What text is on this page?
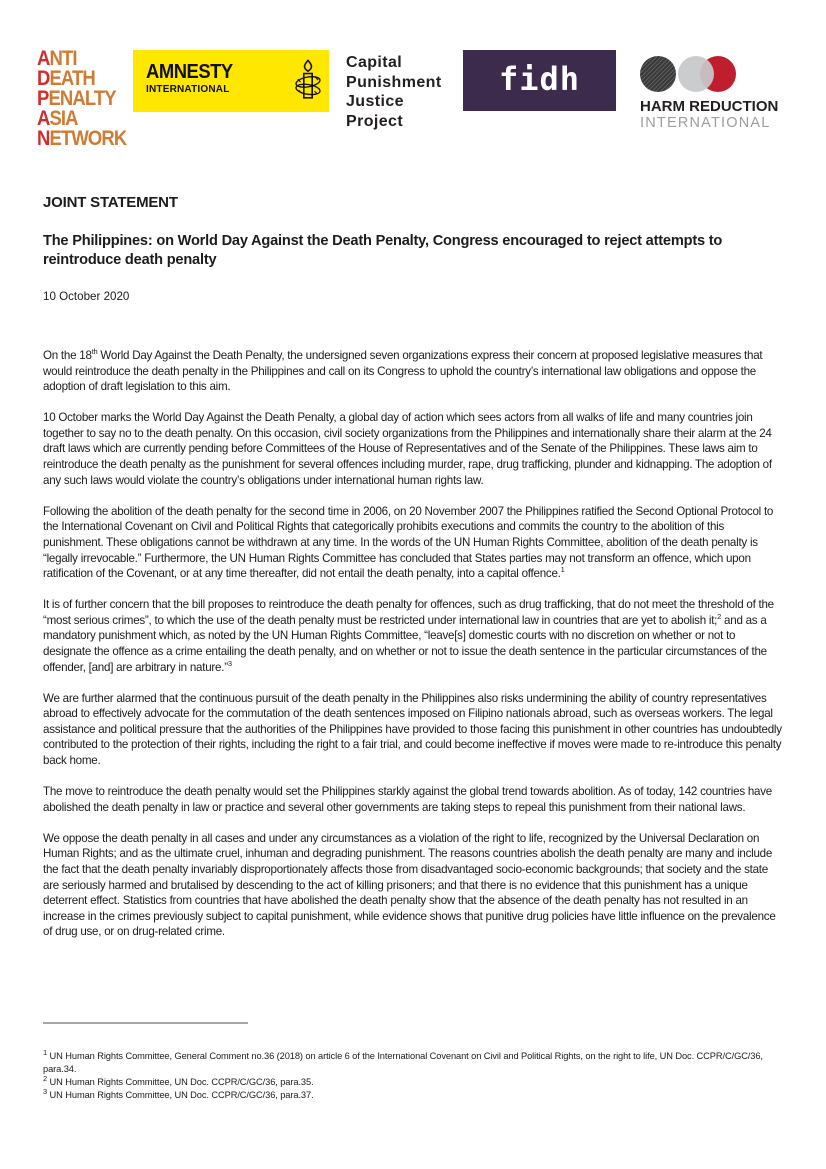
ANTI
DEATH
PENALTY
ASIA
NETWORK
AMNESTY
INTERNATIONAL
Capital
Punishment
Justice
Project
fidh
HARM REDUCTION
INTERNATIONAL

JOINT STATEMENT

The Philippines: on World Day Against the Death Penalty, Congress encouraged to reject attempts to reintroduce death penalty

10 October 2020

On the 18th World Day Against the Death Penalty, the undersigned seven organizations express their concern at proposed legislative measures that would reintroduce the death penalty in the Philippines and call on its Congress to uphold the country’s international law obligations and oppose the adoption of draft legislation to this aim.

10 October marks the World Day Against the Death Penalty, a global day of action which sees actors from all walks of life and many countries join together to say no to the death penalty. On this occasion, civil society organizations from the Philippines and internationally share their alarm at the 24 draft laws which are currently pending before Committees of the House of Representatives and of the Senate of the Philippines. These laws aim to reintroduce the death penalty as the punishment for several offences including murder, rape, drug trafficking, plunder and kidnapping. The adoption of any such laws would violate the country’s obligations under international human rights law.

Following the abolition of the death penalty for the second time in 2006, on 20 November 2007 the Philippines ratified the Second Optional Protocol to the International Covenant on Civil and Political Rights that categorically prohibits executions and commits the country to the abolition of this punishment. These obligations cannot be withdrawn at any time. In the words of the UN Human Rights Committee, abolition of the death penalty is “legally irrevocable.” Furthermore, the UN Human Rights Committee has concluded that States parties may not transform an offence, which upon ratification of the Covenant, or at any time thereafter, did not entail the death penalty, into a capital offence.$^1$

It is of further concern that the bill proposes to reintroduce the death penalty for offences, such as drug trafficking, that do not meet the threshold of the “most serious crimes”, to which the use of the death penalty must be restricted under international law in countries that are yet to abolish it;$^2$ and as a mandatory punishment which, as noted by the UN Human Rights Committee, “leave[s] domestic courts with no discretion on whether or not to designate the offence as a crime entailing the death penalty, and on whether or not to issue the death sentence in the particular circumstances of the offender, [and] are arbitrary in nature.”$^3$

We are further alarmed that the continuous pursuit of the death penalty in the Philippines also risks undermining the ability of country representatives abroad to effectively advocate for the commutation of the death sentences imposed on Filipino nationals abroad, such as overseas workers. The legal assistance and political pressure that the authorities of the Philippines have provided to those facing this punishment in other countries has undoubtedly contributed to the protection of their rights, including the right to a fair trial, and could become ineffective if moves were made to re-introduce this penalty back home.

The move to reintroduce the death penalty would set the Philippines starkly against the global trend towards abolition. As of today, 142 countries have abolished the death penalty in law or practice and several other governments are taking steps to repeal this punishment from their national laws.

We oppose the death penalty in all cases and under any circumstances as a violation of the right to life, recognized by the Universal Declaration on Human Rights; and as the ultimate cruel, inhuman and degrading punishment. The reasons countries abolish the death penalty are many and include the fact that the death penalty invariably disproportionately affects those from disadvantaged socio-economic backgrounds; that society and the state are seriously harmed and brutalised by descending to the act of killing prisoners; and that there is no evidence that this punishment has a unique deterrent effect. Statistics from countries that have abolished the death penalty show that the absence of the death penalty has not resulted in an increase in the crimes previously subject to capital punishment, while evidence shows that punitive drug policies have little influence on the prevalence of drug use, or on drug-related crime.

$^1$ UN Human Rights Committee, General Comment no.36 (2018) on article 6 of the International Covenant on Civil and Political Rights, on the right to life, UN Doc. CCPR/C/GC/36, para.34.
$^2$ UN Human Rights Committee, UN Doc. CCPR/C/GC/36, para.35.
$^3$ UN Human Rights Committee, UN Doc. CCPR/C/GC/36, para.37.
